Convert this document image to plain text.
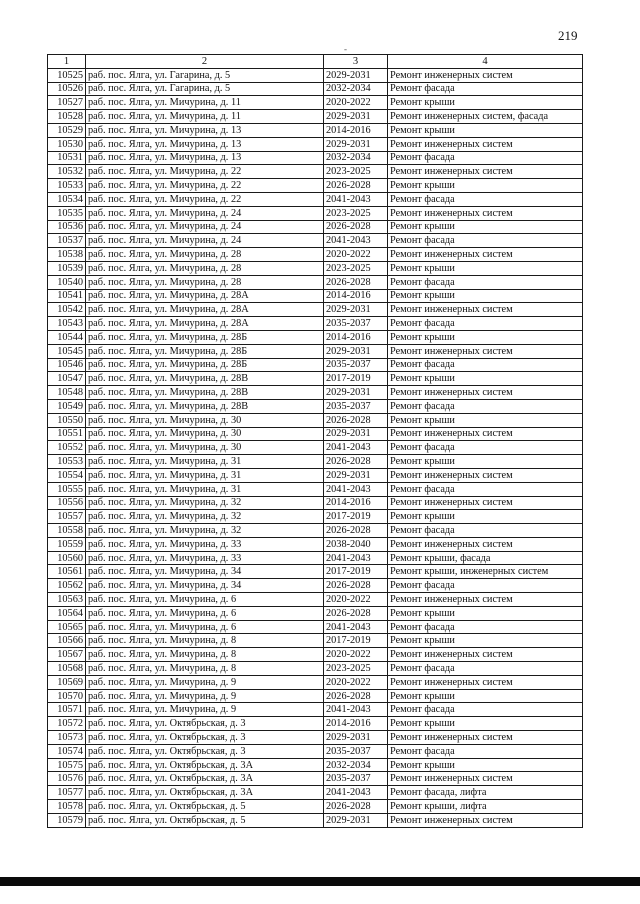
219
-
1	2	3	4
10525	раб. пос. Ялга, ул. Гагарина, д. 5	2029-2031	Ремонт инженерных систем
10526	раб. пос. Ялга, ул. Гагарина, д. 5	2032-2034	Ремонт фасада
10527	раб. пос. Ялга, ул. Мичурина, д. 11	2020-2022	Ремонт крыши
10528	раб. пос. Ялга, ул. Мичурина, д. 11	2029-2031	Ремонт инженерных систем, фасада
10529	раб. пос. Ялга, ул. Мичурина, д. 13	2014-2016	Ремонт крыши
10530	раб. пос. Ялга, ул. Мичурина, д. 13	2029-2031	Ремонт инженерных систем
10531	раб. пос. Ялга, ул. Мичурина, д. 13	2032-2034	Ремонт фасада
10532	раб. пос. Ялга, ул. Мичурина, д. 22	2023-2025	Ремонт инженерных систем
10533	раб. пос. Ялга, ул. Мичурина, д. 22	2026-2028	Ремонт крыши
10534	раб. пос. Ялга, ул. Мичурина, д. 22	2041-2043	Ремонт фасада
10535	раб. пос. Ялга, ул. Мичурина, д. 24	2023-2025	Ремонт инженерных систем
10536	раб. пос. Ялга, ул. Мичурина, д. 24	2026-2028	Ремонт крыши
10537	раб. пос. Ялга, ул. Мичурина, д. 24	2041-2043	Ремонт фасада
10538	раб. пос. Ялга, ул. Мичурина, д. 28	2020-2022	Ремонт инженерных систем
10539	раб. пос. Ялга, ул. Мичурина, д. 28	2023-2025	Ремонт крыши
10540	раб. пос. Ялга, ул. Мичурина, д. 28	2026-2028	Ремонт фасада
10541	раб. пос. Ялга, ул. Мичурина, д. 28А	2014-2016	Ремонт крыши
10542	раб. пос. Ялга, ул. Мичурина, д. 28А	2029-2031	Ремонт инженерных систем
10543	раб. пос. Ялга, ул. Мичурина, д. 28А	2035-2037	Ремонт фасада
10544	раб. пос. Ялга, ул. Мичурина, д. 28Б	2014-2016	Ремонт крыши
10545	раб. пос. Ялга, ул. Мичурина, д. 28Б	2029-2031	Ремонт инженерных систем
10546	раб. пос. Ялга, ул. Мичурина, д. 28Б	2035-2037	Ремонт фасада
10547	раб. пос. Ялга, ул. Мичурина, д. 28В	2017-2019	Ремонт крыши
10548	раб. пос. Ялга, ул. Мичурина, д. 28В	2029-2031	Ремонт инженерных систем
10549	раб. пос. Ялга, ул. Мичурина, д. 28В	2035-2037	Ремонт фасада
10550	раб. пос. Ялга, ул. Мичурина, д. 30	2026-2028	Ремонт крыши
10551	раб. пос. Ялга, ул. Мичурина, д. 30	2029-2031	Ремонт инженерных систем
10552	раб. пос. Ялга, ул. Мичурина, д. 30	2041-2043	Ремонт фасада
10553	раб. пос. Ялга, ул. Мичурина, д. 31	2026-2028	Ремонт крыши
10554	раб. пос. Ялга, ул. Мичурина, д. 31	2029-2031	Ремонт инженерных систем
10555	раб. пос. Ялга, ул. Мичурина, д. 31	2041-2043	Ремонт фасада
10556	раб. пос. Ялга, ул. Мичурина, д. 32	2014-2016	Ремонт инженерных систем
10557	раб. пос. Ялга, ул. Мичурина, д. 32	2017-2019	Ремонт крыши
10558	раб. пос. Ялга, ул. Мичурина, д. 32	2026-2028	Ремонт фасада
10559	раб. пос. Ялга, ул. Мичурина, д. 33	2038-2040	Ремонт инженерных систем
10560	раб. пос. Ялга, ул. Мичурина, д. 33	2041-2043	Ремонт крыши, фасада
10561	раб. пос. Ялга, ул. Мичурина, д. 34	2017-2019	Ремонт крыши, инженерных систем
10562	раб. пос. Ялга, ул. Мичурина, д. 34	2026-2028	Ремонт фасада
10563	раб. пос. Ялга, ул. Мичурина, д. 6	2020-2022	Ремонт инженерных систем
10564	раб. пос. Ялга, ул. Мичурина, д. 6	2026-2028	Ремонт крыши
10565	раб. пос. Ялга, ул. Мичурина, д. 6	2041-2043	Ремонт фасада
10566	раб. пос. Ялга, ул. Мичурина, д. 8	2017-2019	Ремонт крыши
10567	раб. пос. Ялга, ул. Мичурина, д. 8	2020-2022	Ремонт инженерных систем
10568	раб. пос. Ялга, ул. Мичурина, д. 8	2023-2025	Ремонт фасада
10569	раб. пос. Ялга, ул. Мичурина, д. 9	2020-2022	Ремонт инженерных систем
10570	раб. пос. Ялга, ул. Мичурина, д. 9	2026-2028	Ремонт крыши
10571	раб. пос. Ялга, ул. Мичурина, д. 9	2041-2043	Ремонт фасада
10572	раб. пос. Ялга, ул. Октябрьская, д. 3	2014-2016	Ремонт крыши
10573	раб. пос. Ялга, ул. Октябрьская, д. 3	2029-2031	Ремонт инженерных систем
10574	раб. пос. Ялга, ул. Октябрьская, д. 3	2035-2037	Ремонт фасада
10575	раб. пос. Ялга, ул. Октябрьская, д. 3А	2032-2034	Ремонт крыши
10576	раб. пос. Ялга, ул. Октябрьская, д. 3А	2035-2037	Ремонт инженерных систем
10577	раб. пос. Ялга, ул. Октябрьская, д. 3А	2041-2043	Ремонт фасада, лифта
10578	раб. пос. Ялга, ул. Октябрьская, д. 5	2026-2028	Ремонт крыши, лифта
10579	раб. пос. Ялга, ул. Октябрьская, д. 5	2029-2031	Ремонт инженерных систем
